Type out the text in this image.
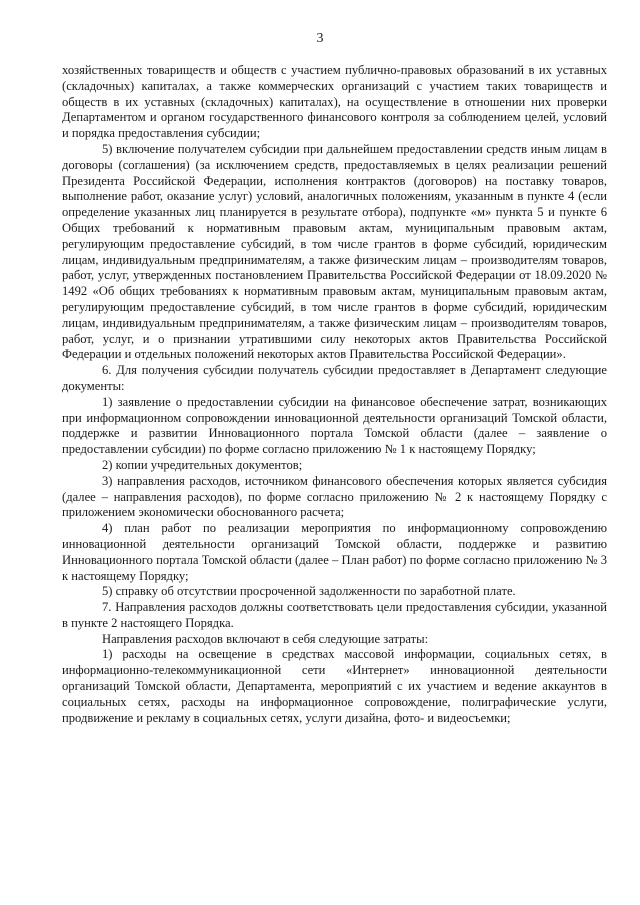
3

хозяйственных товариществ и обществ с участием публично-правовых образований в их уставных (складочных) капиталах, а также коммерческих организаций с участием таких товариществ и обществ в их уставных (складочных) капиталах), на осуществление в отношении них проверки Департаментом и органом государственного финансового контроля за соблюдением целей, условий и порядка предоставления субсидии;

5) включение получателем субсидии при дальнейшем предоставлении средств иным лицам в договоры (соглашения) (за исключением средств, предоставляемых в целях реализации решений Президента Российской Федерации, исполнения контрактов (договоров) на поставку товаров, выполнение работ, оказание услуг) условий, аналогичных положениям, указанным в пункте 4 (если определение указанных лиц планируется в результате отбора), подпункте «м» пункта 5 и пункте 6 Общих требований к нормативным правовым актам, муниципальным правовым актам, регулирующим предоставление субсидий, в том числе грантов в форме субсидий, юридическим лицам, индивидуальным предпринимателям, а также физическим лицам – производителям товаров, работ, услуг, утвержденных постановлением Правительства Российской Федерации от 18.09.2020 № 1492 «Об общих требованиях к нормативным правовым актам, муниципальным правовым актам, регулирующим предоставление субсидий, в том числе грантов в форме субсидий, юридическим лицам, индивидуальным предпринимателям, а также физическим лицам – производителям товаров, работ, услуг, и о признании утратившими силу некоторых актов Правительства Российской Федерации и отдельных положений некоторых актов Правительства Российской Федерации».

6. Для получения субсидии получатель субсидии предоставляет в Департамент следующие документы:

1) заявление о предоставлении субсидии на финансовое обеспечение затрат, возникающих при информационном сопровождении инновационной деятельности организаций Томской области, поддержке и развитии Инновационного портала Томской области (далее – заявление о предоставлении субсидии) по форме согласно приложению № 1 к настоящему Порядку;

2) копии учредительных документов;

3) направления расходов, источником финансового обеспечения которых является субсидия (далее – направления расходов), по форме согласно приложению № 2 к настоящему Порядку с приложением экономически обоснованного расчета;

4) план работ по реализации мероприятия по информационному сопровождению инновационной деятельности организаций Томской области, поддержке и развитию Инновационного портала Томской области (далее – План работ) по форме согласно приложению № 3 к настоящему Порядку;

5) справку об отсутствии просроченной задолженности по заработной плате.

7. Направления расходов должны соответствовать цели предоставления субсидии, указанной в пункте 2 настоящего Порядка.

Направления расходов включают в себя следующие затраты:

1) расходы на освещение в средствах массовой информации, социальных сетях, в информационно-телекоммуникационной сети «Интернет» инновационной деятельности организаций Томской области, Департамента, мероприятий с их участием и ведение аккаунтов в социальных сетях, расходы на информационное сопровождение, полиграфические услуги, продвижение и рекламу в социальных сетях, услуги дизайна, фото- и видеосъемки;
